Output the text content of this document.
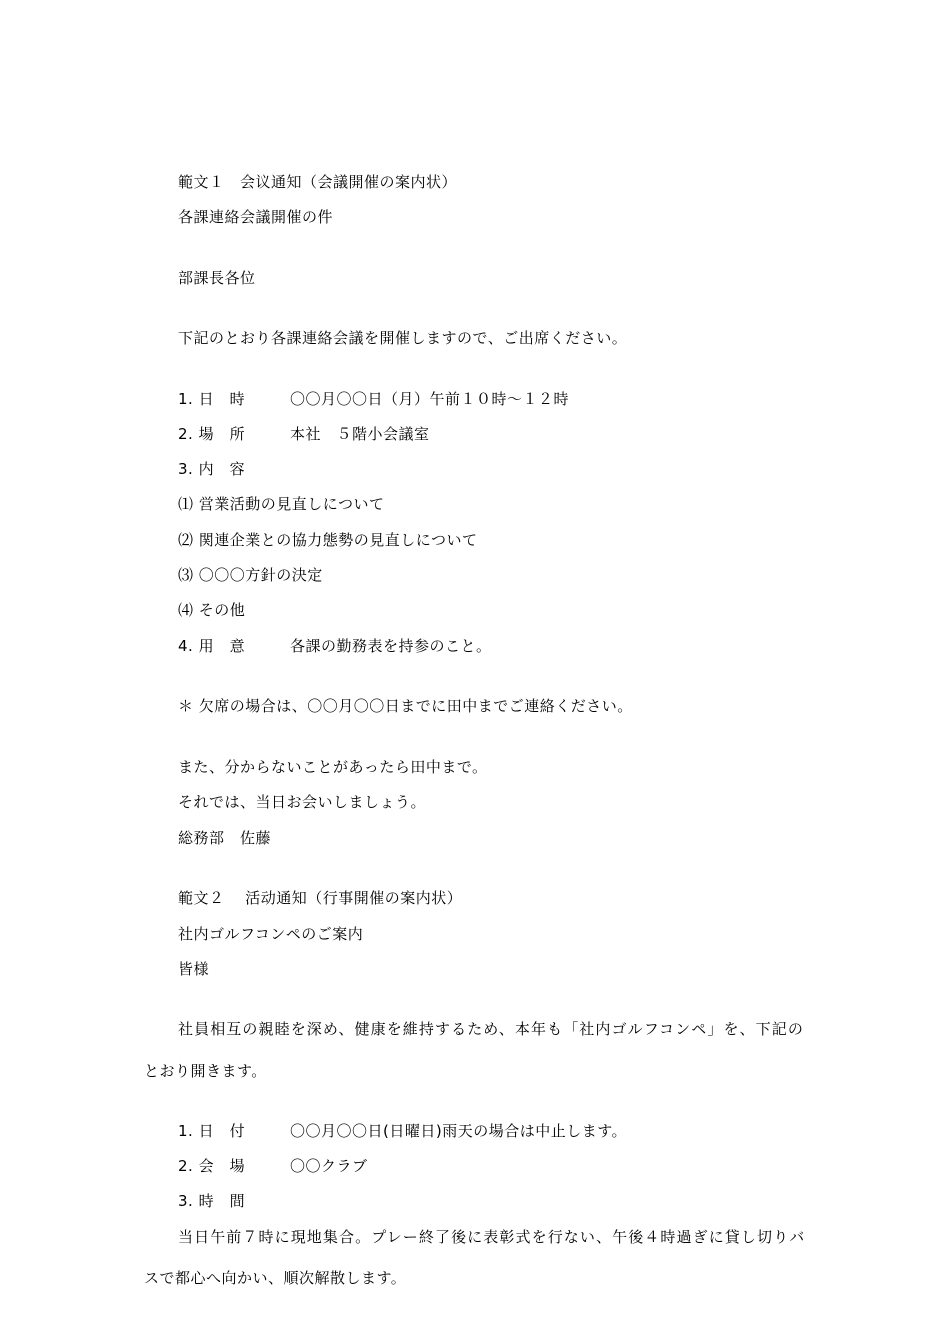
範文１　会议通知（会議開催の案内状）
各課連絡会議開催の件
部課長各位
下記のとおり各課連絡会議を開催しますので、ご出席ください。
1. 日　時	〇〇月〇〇日（月）午前１０時～１２時
2. 場　所	本社　５階小会議室
3. 内　容
⑴ 営業活動の見直しについて
⑵ 関連企業との協力態勢の見直しについて
⑶ 〇〇〇方針の決定
⑷ その他
4. 用　意	各課の勤務表を持参のこと。
＊ 欠席の場合は、〇〇月〇〇日までに田中までご連絡ください。
また、分からないことがあったら田中まで。
それでは、当日お会いしましょう。
総務部　佐藤
範文２　 活动通知（行事開催の案内状）
社内ゴルフコンペのご案内
皆様
社員相互の親睦を深め、健康を維持するため、本年も「社内ゴルフコンペ」を、下記の
とおり開きます。
1. 日　付	〇〇月〇〇日(日曜日)雨天の場合は中止します。
2. 会　場	〇〇クラブ
3. 時　間
当日午前７時に現地集合。プレー終了後に表彰式を行ない、午後４時過ぎに貸し切りバ
スで都心へ向かい、順次解散します。
